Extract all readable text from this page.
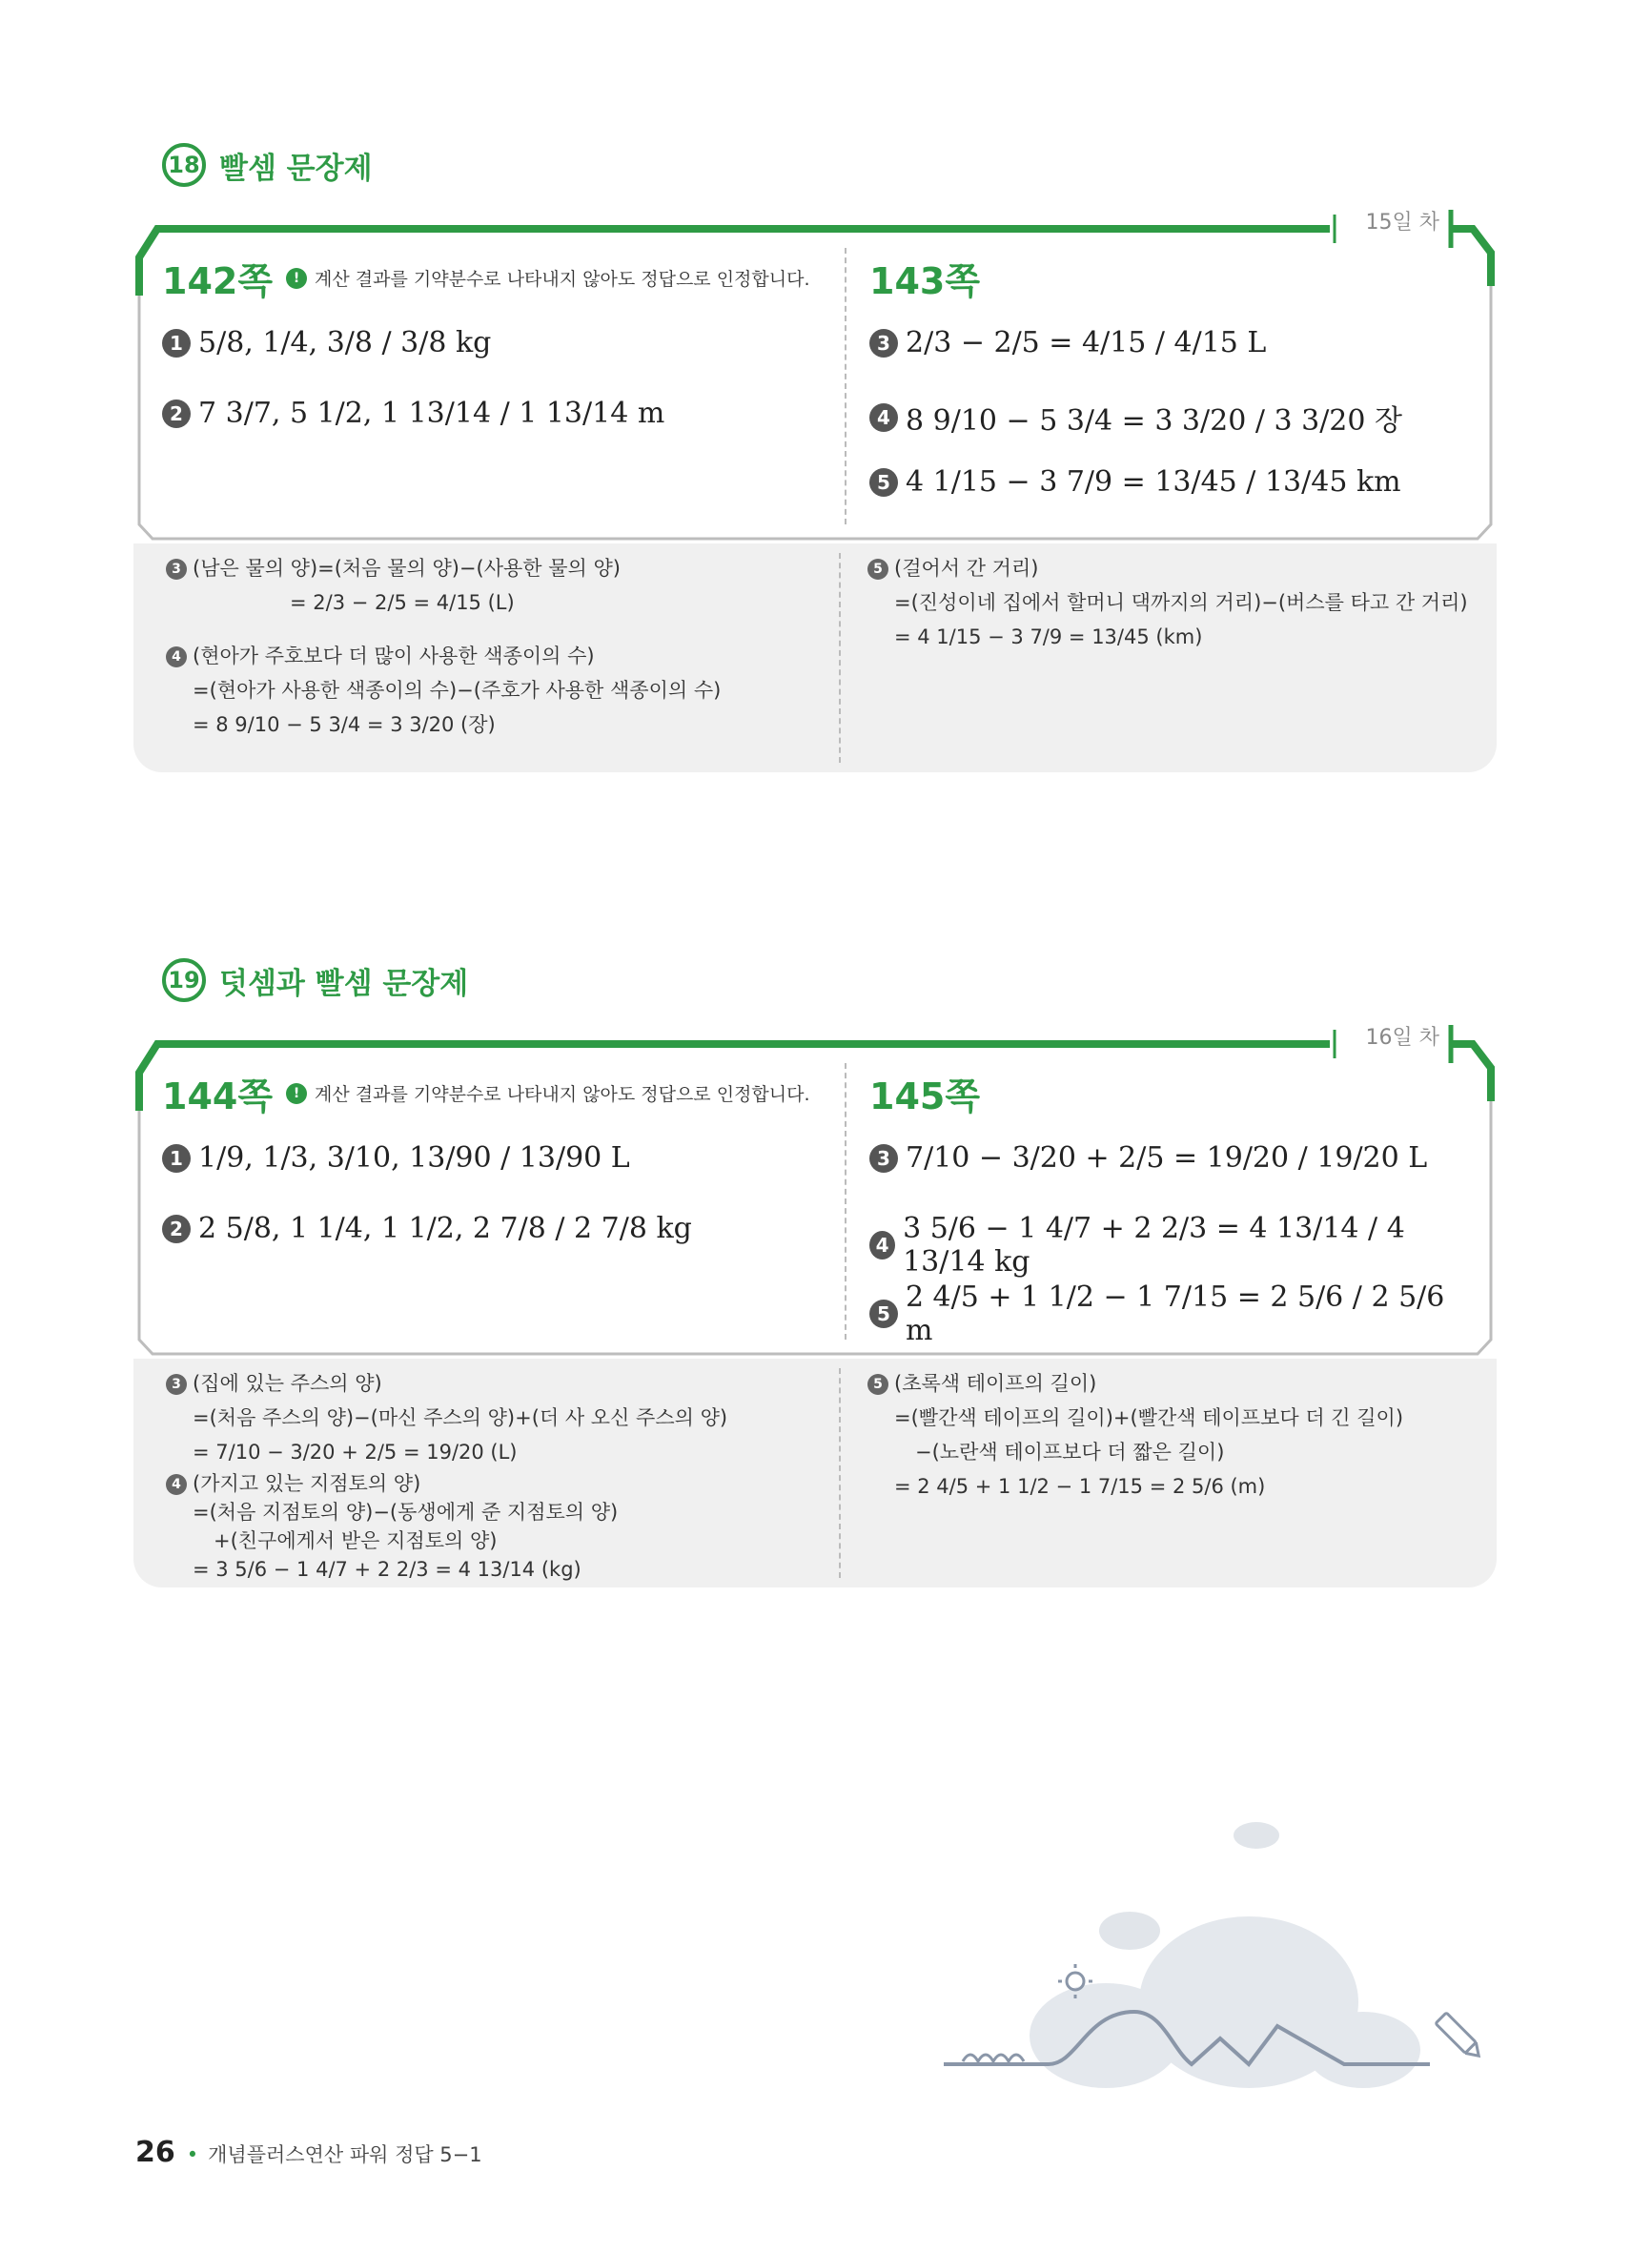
18 빨셈 문장제
15일 차
142쪽	! 계산 결과를 기약분수로 나타내지 않아도 정답으로 인정합니다.
1 5/8, 1/4, 3/8 / 3/8 kg
2 7 3/7, 5 1/2, 1 13/14 / 1 13/14 m
143쪽
3 2/3 − 2/5 = 4/15 / 4/15 L
4 8 9/10 − 5 3/4 = 3 3/20 / 3 3/20 장
5 4 1/15 − 3 7/9 = 13/45 / 13/45 km
3 (남은 물의 양)=(처음 물의 양)−(사용한 물의 양)
= 2/3 − 2/5 = 4/15 (L)
4 (현아가 주호보다 더 많이 사용한 색종이의 수)
=(현아가 사용한 색종이의 수)−(주호가 사용한 색종이의 수)
= 8 9/10 − 5 3/4 = 3 3/20 (장)
5 (걸어서 간 거리)
=(진성이네 집에서 할머니 댁까지의 거리)−(버스를 타고 간 거리)
= 4 1/15 − 3 7/9 = 13/45 (km)
19 덧셈과 빨셈 문장제
16일 차
144쪽	! 계산 결과를 기약분수로 나타내지 않아도 정답으로 인정합니다.
1 1/9, 1/3, 3/10, 13/90 / 13/90 L
2 2 5/8, 1 1/4, 1 1/2, 2 7/8 / 2 7/8 kg
145쪽
3 7/10 − 3/20 + 2/5 = 19/20 / 19/20 L
4 3 5/6 − 1 4/7 + 2 2/3 = 4 13/14 / 4 13/14 kg
5 2 4/5 + 1 1/2 − 1 7/15 = 2 5/6 / 2 5/6 m
3 (집에 있는 주스의 양)
=(처음 주스의 양)−(마신 주스의 양)+(더 사 오신 주스의 양)
= 7/10 − 3/20 + 2/5 = 19/20 (L)
4 (가지고 있는 지점토의 양)
=(처음 지점토의 양)−(동생에게 준 지점토의 양)
+(친구에게서 받은 지점토의 양)
= 3 5/6 − 1 4/7 + 2 2/3 = 4 13/14 (kg)
5 (초록색 테이프의 길이)
=(빨간색 테이프의 길이)+(빨간색 테이프보다 더 긴 길이)
−(노란색 테이프보다 더 짧은 길이)
= 2 4/5 + 1 1/2 − 1 7/15 = 2 5/6 (m)
26 • 개념플러스연산 파워 정답 5−1
